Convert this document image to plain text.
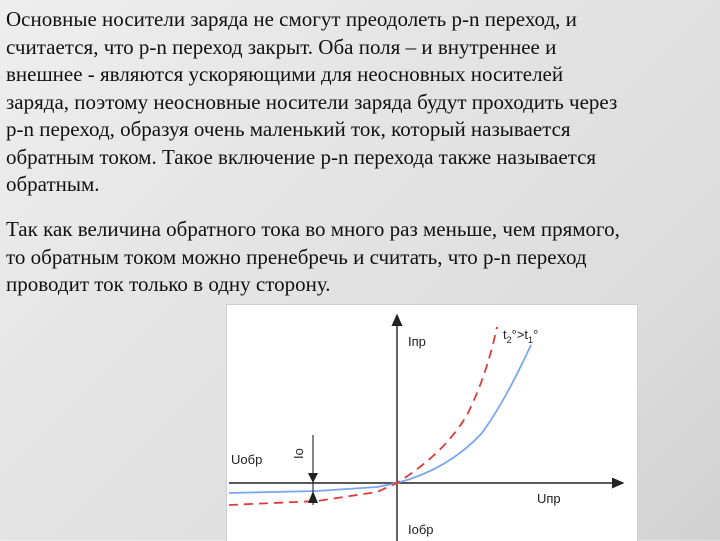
Основные носители заряда не смогут преодолеть p-n переход, и
считается, что p-n переход закрыт. Оба поля – и внутреннее и
внешнее - являются ускоряющими для неосновных носителей
заряда, поэтому неосновные носители заряда будут проходить через
p-n переход, образуя очень маленький ток, который называется
обратным током. Такое включение p-n перехода также называется
обратным.

Так как величина обратного тока во много раз меньше, чем прямого,
то обратным током можно пренебречь и считать, что p-n переход
проводит ток только в одну сторону.

Iпр
Iобр
Uпр
Uобр Io
$t_2^\circ>t_1^\circ$
